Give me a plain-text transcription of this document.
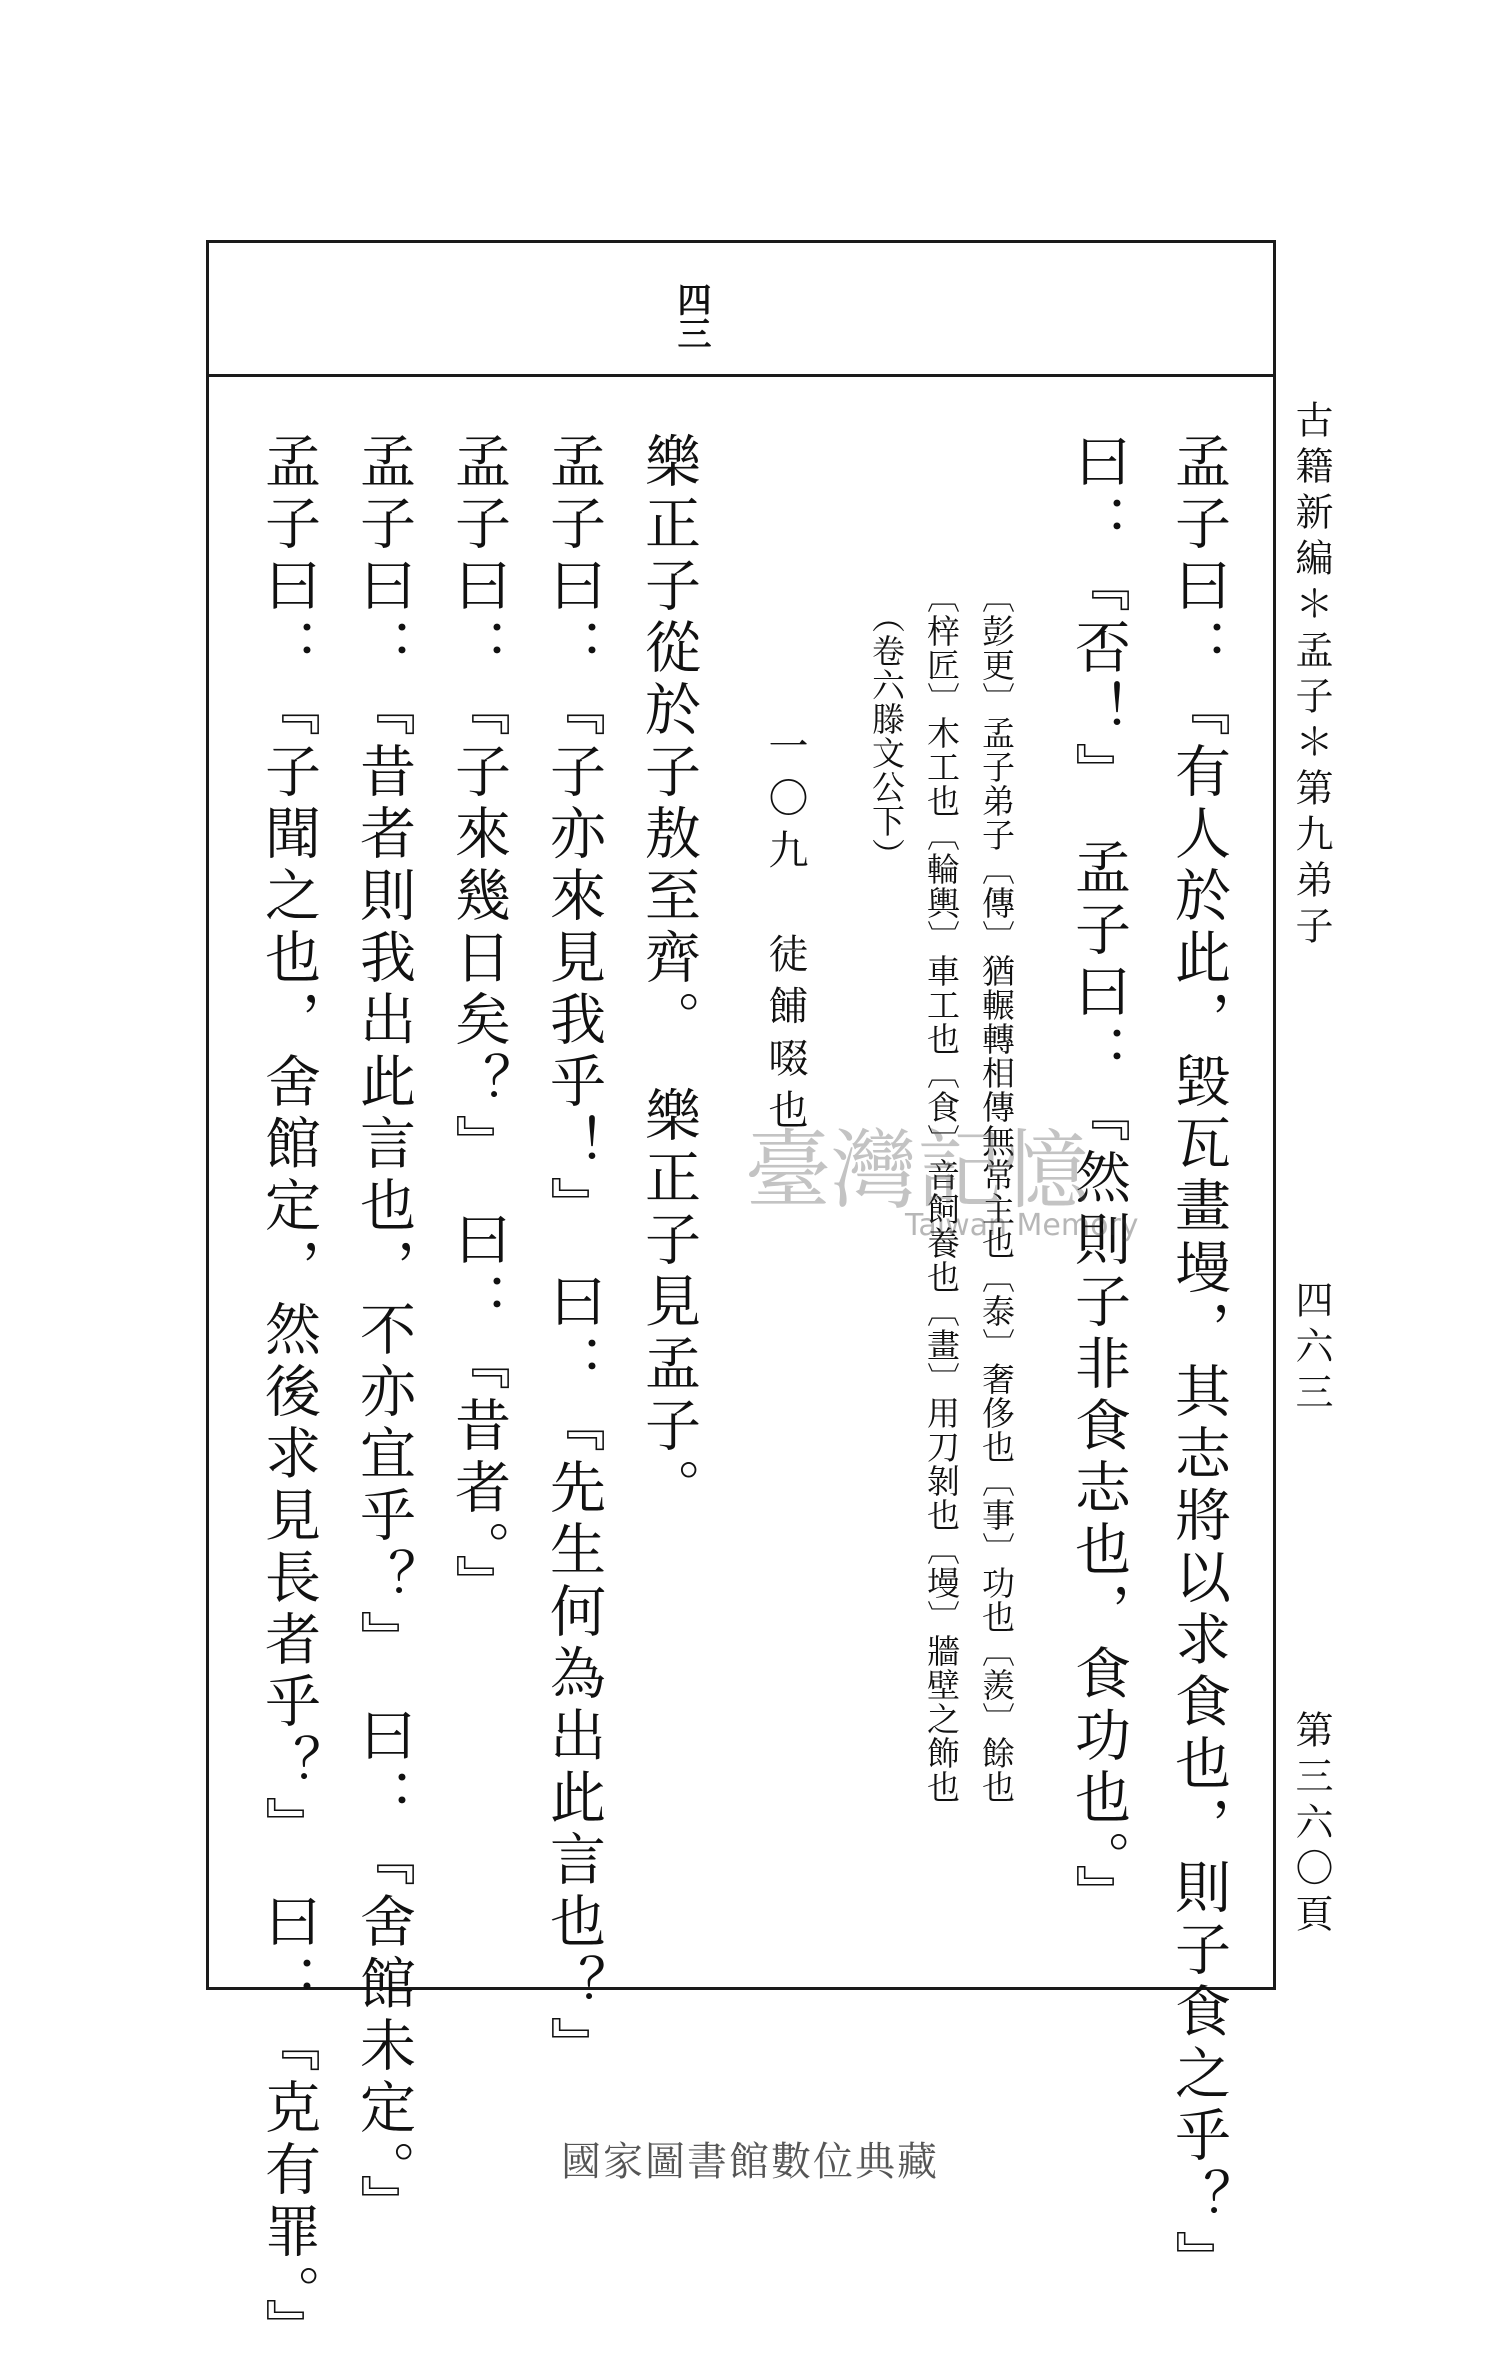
四三
古籍新編＊孟子＊第九弟子
四六三
第三六〇頁
孟子曰：『有人於此，毀瓦畫墁，其志將以求食也，則子食之乎？』
曰：『否！』　孟子曰：『然則子非食志也，食功也。』
〔彭更〕孟子弟子〔傳〕猶輾轉相傳無常主也〔泰〕奢侈也〔事〕功也〔羨〕餘也
〔梓匠〕木工也〔輪輿〕車工也〔食〕音飼養也〔畫〕用刀剝也〔墁〕牆壁之飾也
（卷六滕文公下）
一〇九　徒餔啜也
樂正子從於子敖至齊。　樂正子見孟子。
孟子曰：『子亦來見我乎！』　曰：『先生何為出此言也？』
孟子曰：『子來幾日矣？』　曰：『昔者。』
孟子曰：『昔者則我出此言也，不亦宜乎？』　曰：『舍館未定。』
孟子曰：『子聞之也，舍館定，然後求見長者乎？』　曰：『克有罪。』	臺灣記憶
Taiwan Memory
國家圖書館數位典藏
